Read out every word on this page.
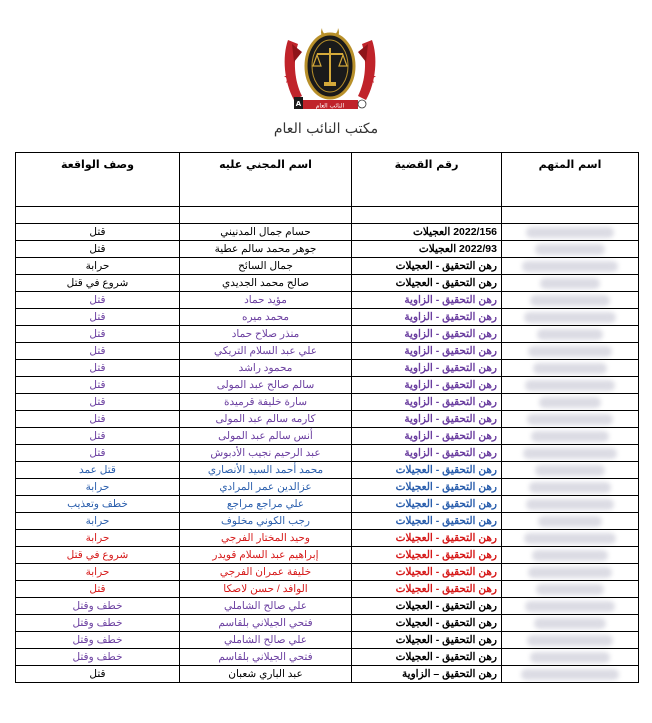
A النائب العام
مكتب النائب العام
اسم المتهم	رقم القضية	اسم المجني عليه	وصف الواقعة

	2022/156 العجيلات	حسام جمال المدنيني	قتل
	2022/93 العجيلات	جوهر محمد سالم عطية	قتل
	رهن التحقيق - العجيلات	جمال السائح	حرابة
	رهن التحقيق - العجيلات	صالح محمد الجديدي	شروع في قتل
	رهن التحقيق - الزاوية	مؤيد حماد	قتل
	رهن التحقيق - الزاوية	محمد ميره	قتل
	رهن التحقيق - الزاوية	منذر صلاح حماد	قتل
	رهن التحقيق - الزاوية	علي عبد السلام التريكي	قتل
	رهن التحقيق - الزاوية	محمود راشد	قتل
	رهن التحقيق - الزاوية	سالم صالح عبد المولى	قتل
	رهن التحقيق - الزاوية	سارة خليفة قرميدة	قتل
	رهن التحقيق - الزاوية	كارمه سالم عبد المولى	قتل
	رهن التحقيق - الزاوية	أنس سالم عبد المولى	قتل
	رهن التحقيق - الزاوية	عبد الرحيم نجيب الأدبوش	قتل
	رهن التحقيق - العجيلات	محمد أحمد السيد الأنصاري	قتل عمد
	رهن التحقيق - العجيلات	عزالدين عمر المرادي	حرابة
	رهن التحقيق - العجيلات	علي مراجع مراجع	خطف وتعذيب
	رهن التحقيق - العجيلات	رجب الكوني مخلوف	حرابة
	رهن التحقيق - العجيلات	وحيد المختار الفرجي	حرابة
	رهن التحقيق - العجيلات	إبراهيم عبد السلام قويدر	شروع في قتل
	رهن التحقيق - العجيلات	خليفة عمران الفرجي	حرابة
	رهن التحقيق - العجيلات	الوافد / حسن لاصكا	قتل
	رهن التحقيق - العجيلات	علي صالح الشاملي	خطف وقتل
	رهن التحقيق - العجيلات	فتحي الجيلاني بلقاسم	خطف وقتل
	رهن التحقيق - العجيلات	علي صالح الشاملي	خطف وقتل
	رهن التحقيق - العجيلات	فتحي الجيلاني بلقاسم	خطف وقتل
	رهن التحقيق – الزاوية	عبد الباري شعبان	قتل
